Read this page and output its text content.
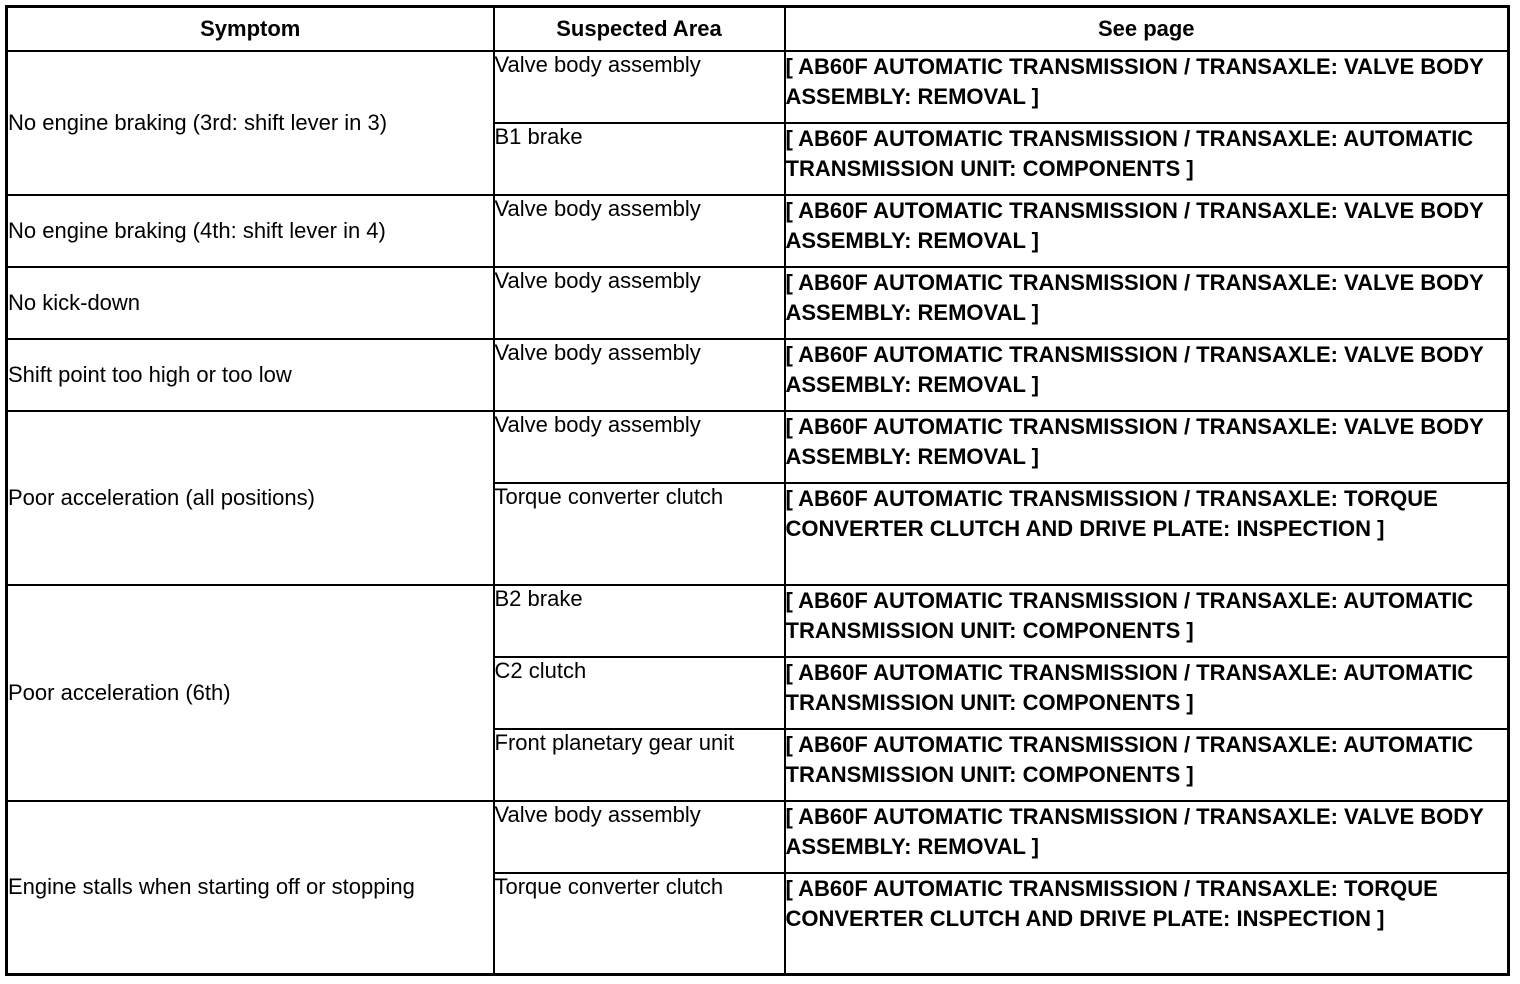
Symptom	Suspected Area	See page
No engine braking (3rd: shift lever in 3)	Valve body assembly	[ AB60F AUTOMATIC TRANSMISSION / TRANSAXLE: VALVE BODY ASSEMBLY: REMOVAL ]

	B1 brake	[ AB60F AUTOMATIC TRANSMISSION / TRANSAXLE: AUTOMATIC TRANSMISSION UNIT: COMPONENTS ]

No engine braking (4th: shift lever in 4)	Valve body assembly	[ AB60F AUTOMATIC TRANSMISSION / TRANSAXLE: VALVE BODY ASSEMBLY: REMOVAL ]

No kick-down	Valve body assembly	[ AB60F AUTOMATIC TRANSMISSION / TRANSAXLE: VALVE BODY ASSEMBLY: REMOVAL ]

Shift point too high or too low	Valve body assembly	[ AB60F AUTOMATIC TRANSMISSION / TRANSAXLE: VALVE BODY ASSEMBLY: REMOVAL ]

Poor acceleration (all positions)	Valve body assembly	[ AB60F AUTOMATIC TRANSMISSION / TRANSAXLE: VALVE BODY ASSEMBLY: REMOVAL ]

	Torque converter clutch	[ AB60F AUTOMATIC TRANSMISSION / TRANSAXLE: TORQUE CONVERTER CLUTCH AND DRIVE PLATE: INSPECTION ]

Poor acceleration (6th)	B2 brake	[ AB60F AUTOMATIC TRANSMISSION / TRANSAXLE: AUTOMATIC TRANSMISSION UNIT: COMPONENTS ]

	C2 clutch	[ AB60F AUTOMATIC TRANSMISSION / TRANSAXLE: AUTOMATIC TRANSMISSION UNIT: COMPONENTS ]

	Front planetary gear unit	[ AB60F AUTOMATIC TRANSMISSION / TRANSAXLE: AUTOMATIC TRANSMISSION UNIT: COMPONENTS ]

Engine stalls when starting off or stopping	Valve body assembly	[ AB60F AUTOMATIC TRANSMISSION / TRANSAXLE: VALVE BODY ASSEMBLY: REMOVAL ]

	Torque converter clutch	[ AB60F AUTOMATIC TRANSMISSION / TRANSAXLE: TORQUE CONVERTER CLUTCH AND DRIVE PLATE: INSPECTION ]
